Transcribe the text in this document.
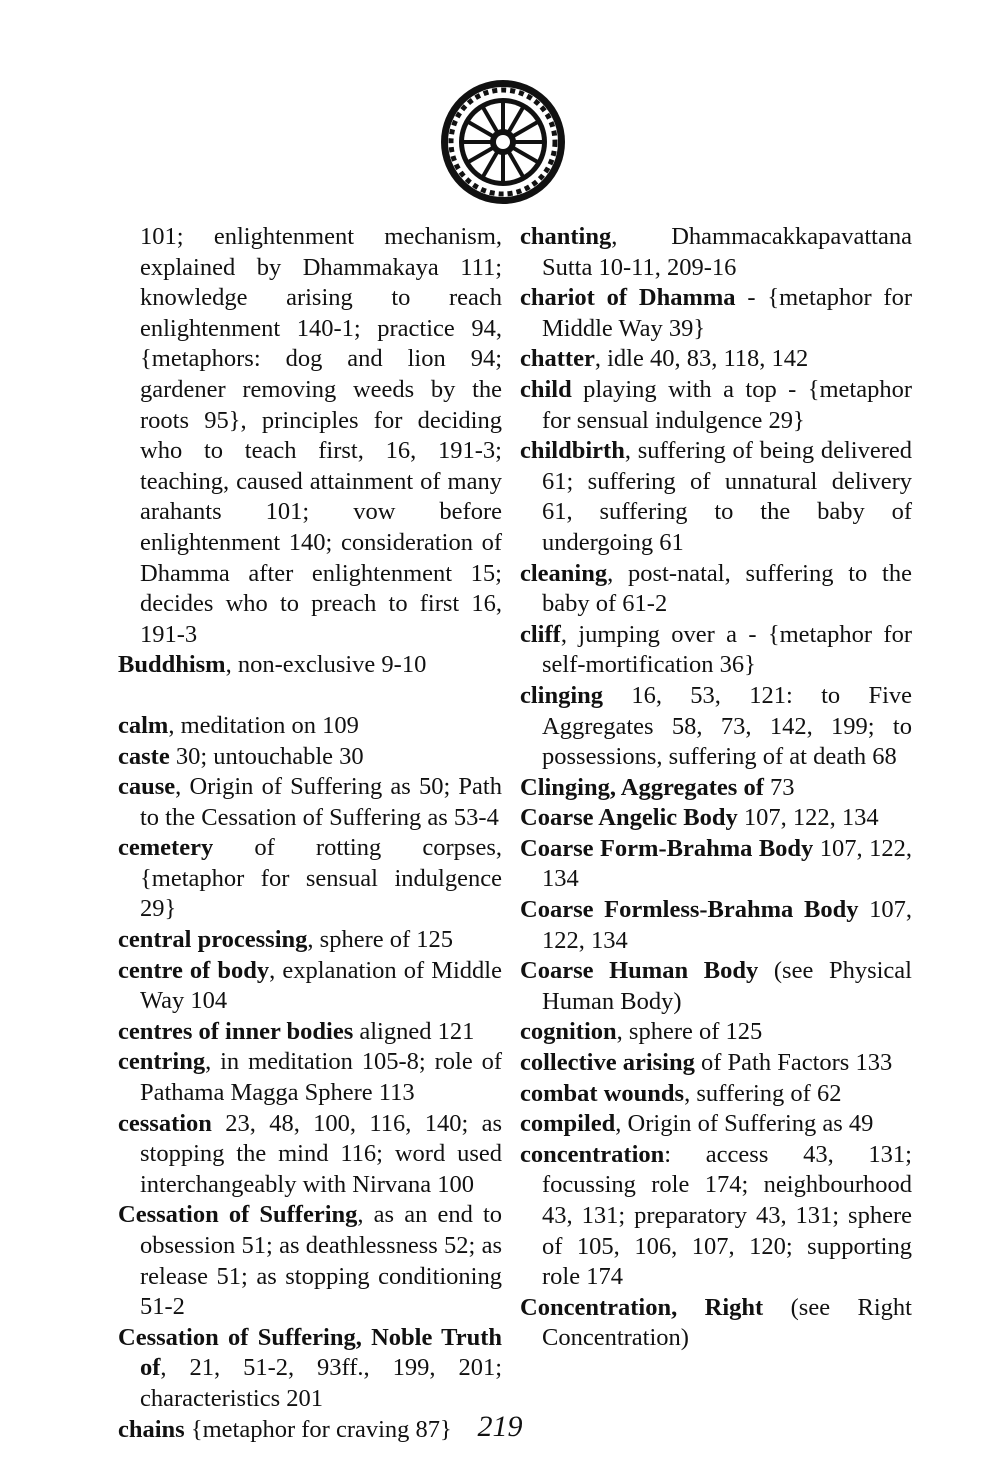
101; enlightenment mechanism, explained by Dhammakaya 111; knowledge arising to reach enlightenment 140-1; practice 94, {metaphors: dog and lion 94; gardener removing weeds by the roots 95}, principles for deciding who to teach first, 16, 191-3; teaching, caused attainment of many arahants 101; vow before enlightenment 140; consideration of Dhamma after enlightenment 15; decides who to preach to first 16, 191-3

Buddhism, non-exclusive 9-10

calm, meditation on 109

caste 30; untouchable 30

cause, Origin of Suffering as 50; Path to the Cessation of Suffering as 53-4

cemetery of rotting corpses, {metaphor for sensual indulgence 29}

central processing, sphere of 125

centre of body, explanation of Middle Way 104

centres of inner bodies aligned 121

centring, in meditation 105-8; role of Pathama Magga Sphere 113

cessation 23, 48, 100, 116, 140; as stopping the mind 116; word used interchangeably with Nirvana 100

Cessation of Suffering, as an end to obsession 51; as deathlessness 52; as release 51; as stopping conditioning 51-2

Cessation of Suffering, Noble Truth of, 21, 51-2, 93ff., 199, 201; characteristics 201

chains {metaphor for craving 87}

chanting, Dhammacakkapavattana Sutta 10-11, 209-16

chariot of Dhamma - {metaphor for Middle Way 39}

chatter, idle 40, 83, 118, 142

child playing with a top - {metaphor for sensual indulgence 29}

childbirth, suffering of being delivered 61; suffering of unnatural delivery 61, suffering to the baby of undergoing 61

cleaning, post-natal, suffering to the baby of 61-2

cliff, jumping over a - {metaphor for self-mortification 36}

clinging 16, 53, 121: to Five Aggregates 58, 73, 142, 199; to possessions, suffering of at death 68

Clinging, Aggregates of 73

Coarse Angelic Body 107, 122, 134

Coarse Form-Brahma Body 107, 122, 134

Coarse Formless-Brahma Body 107, 122, 134

Coarse Human Body (see Physical Human Body)

cognition, sphere of 125

collective arising of Path Factors 133

combat wounds, suffering of 62

compiled, Origin of Suffering as 49

concentration: access 43, 131; focussing role 174; neighbourhood 43, 131; preparatory 43, 131; sphere of 105, 106, 107, 120; supporting role 174

Concentration, Right (see Right Concentration)

219
